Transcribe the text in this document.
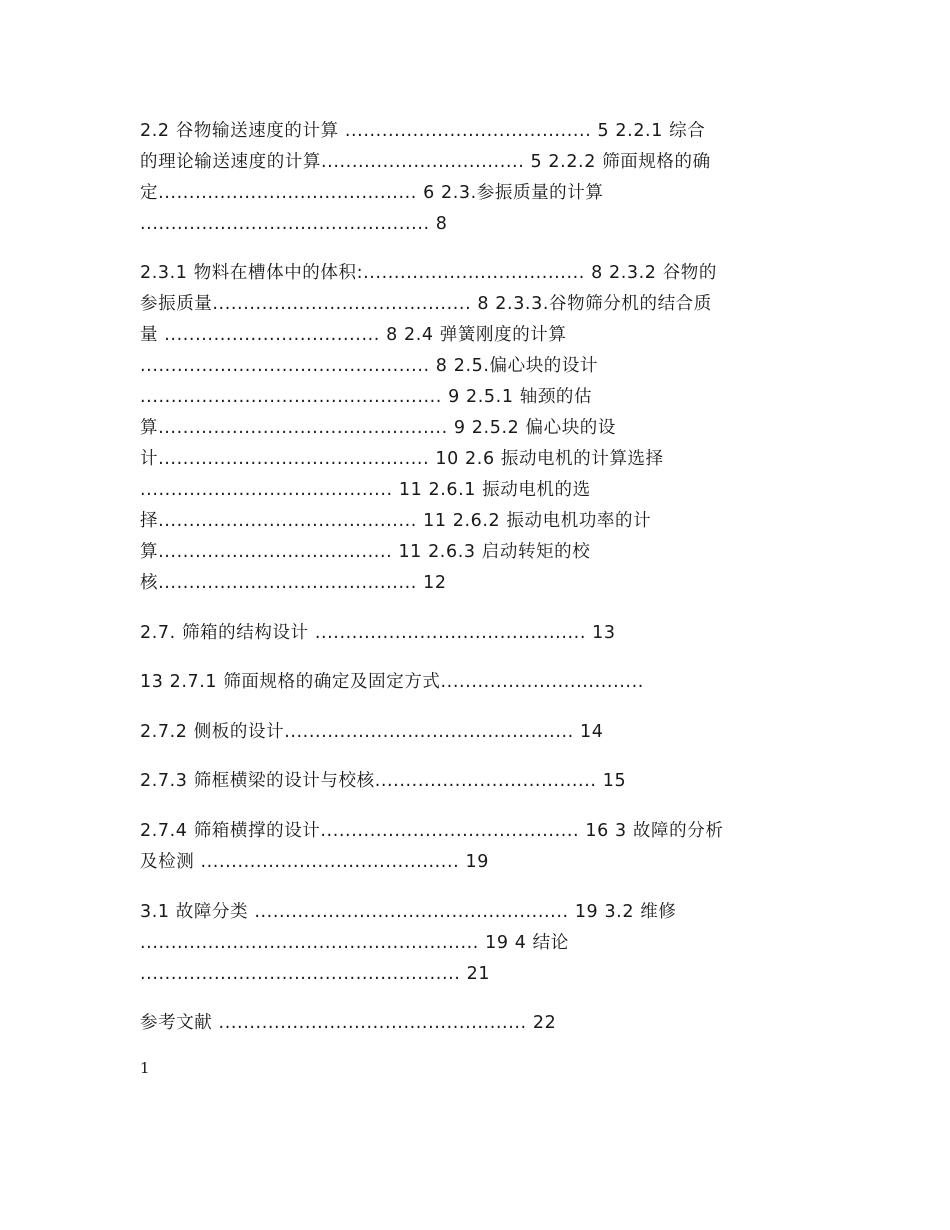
2.2 谷物输送速度的计算 ........................................ 5 2.2.1 综合
的理论输送速度的计算................................. 5 2.2.2 筛面规格的确
定.......................................... 6 2.3.参振质量的计算
............................................... 8
2.3.1 物料在槽体中的体积:.................................... 8 2.3.2 谷物的
参振质量.......................................... 8 2.3.3.谷物筛分机的结合质
量 ................................... 8 2.4 弹簧刚度的计算
............................................... 8 2.5.偏心块的设计
................................................. 9 2.5.1 轴颈的估
算............................................... 9 2.5.2 偏心块的设
计............................................ 10 2.6 振动电机的计算选择
......................................... 11 2.6.1 振动电机的选
择.......................................... 11 2.6.2 振动电机功率的计
算...................................... 11 2.6.3 启动转矩的校
核.......................................... 12
2.7. 筛箱的结构设计 ............................................ 13
13 2.7.1 筛面规格的确定及固定方式.................................
2.7.2 侧板的设计............................................... 14
2.7.3 筛框横梁的设计与校核.................................... 15
2.7.4 筛箱横撑的设计.......................................... 16 3 故障的分析
及检测 .......................................... 19
3.1 故障分类 ................................................... 19 3.2 维修
....................................................... 19 4 结论
.................................................... 21
参考文献 .................................................. 22
1
